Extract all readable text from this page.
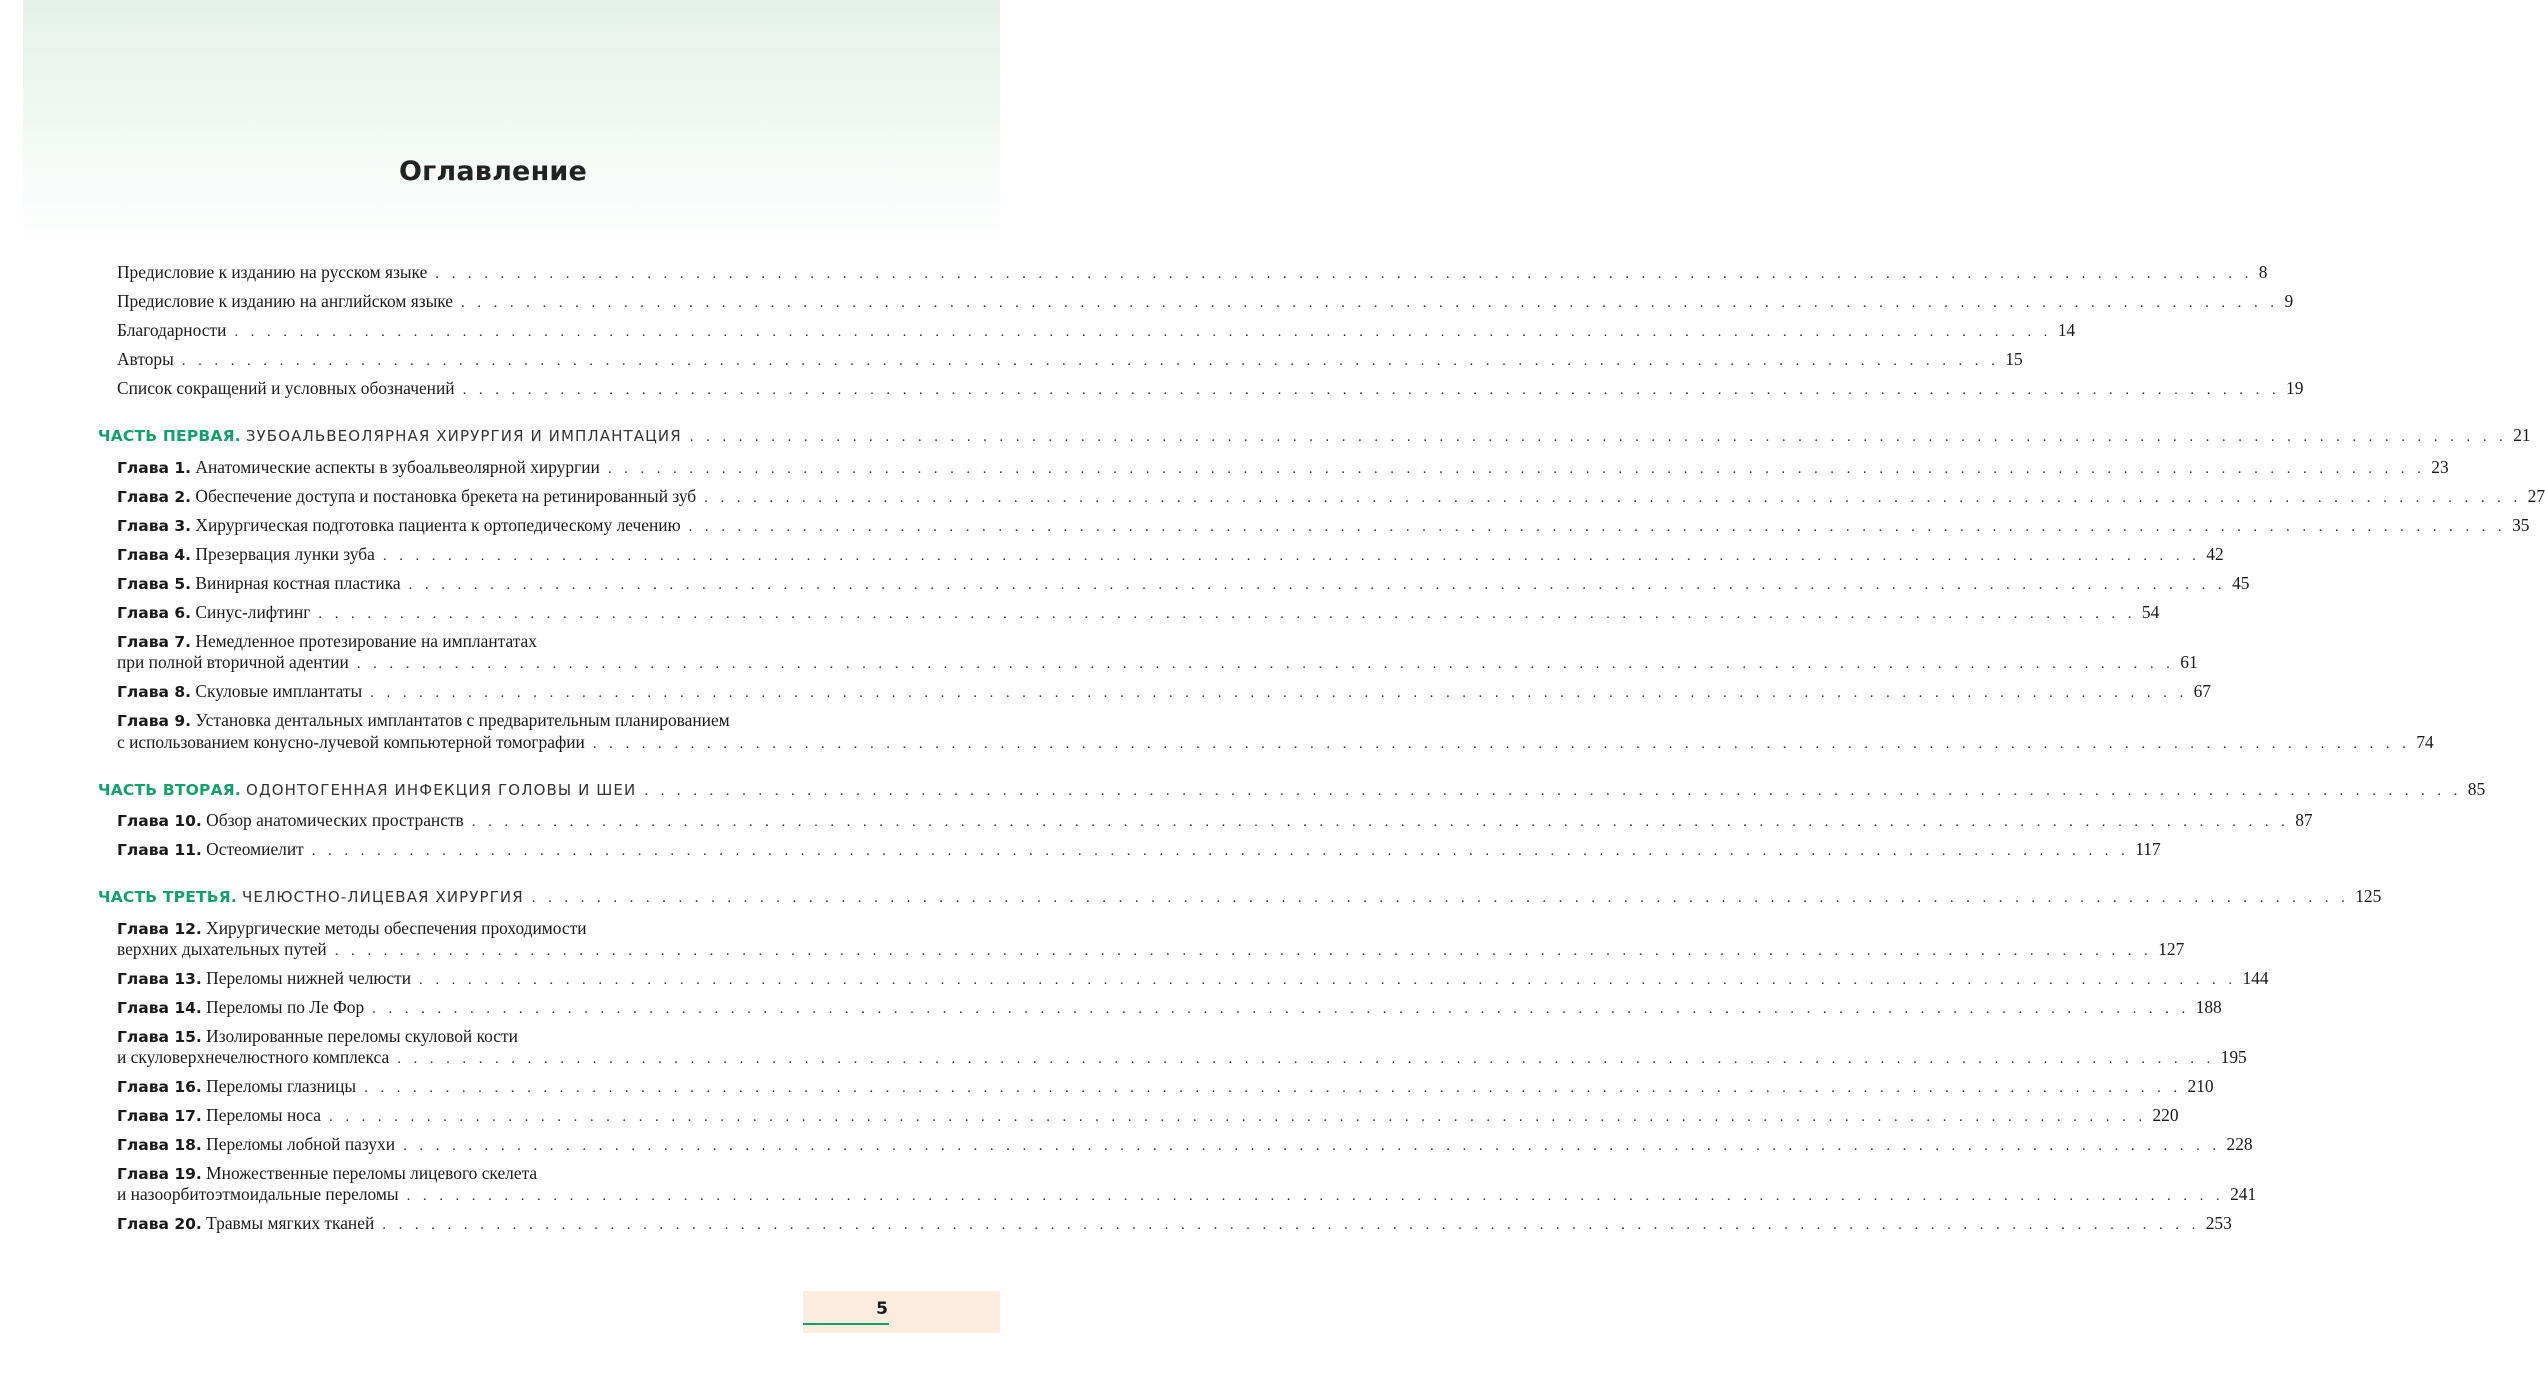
Оглавление
Предисловие к изданию на русском языке . . . . . . . . . . . . . . . . . . . . . . . . . . . . . . . . . . . . . . . . . . . . . . . . . . . . . . . . . . . . . . . . . . . . . . . . . . . . . . . . . . . . . . . . . . . . . . . . . . . . . . . . . . . . . . . . 8
Предисловие к изданию на английском языке . . . . . . . . . . . . . . . . . . . . . . . . . . . . . . . . . . . . . . . . . . . . . . . . . . . . . . . . . . . . . . . . . . . . . . . . . . . . . . . . . . . . . . . . . . . . . . . . . . . . . . . . . . . . . . . . 9
Благодарности . . . . . . . . . . . . . . . . . . . . . . . . . . . . . . . . . . . . . . . . . . . . . . . . . . . . . . . . . . . . . . . . . . . . . . . . . . . . . . . . . . . . . . . . . . . . . . . . . . . . . . . . . . . . . . . . 14
Авторы . . . . . . . . . . . . . . . . . . . . . . . . . . . . . . . . . . . . . . . . . . . . . . . . . . . . . . . . . . . . . . . . . . . . . . . . . . . . . . . . . . . . . . . . . . . . . . . . . . . . . . . . . . . . . . . . 15
Список сокращений и условных обозначений . . . . . . . . . . . . . . . . . . . . . . . . . . . . . . . . . . . . . . . . . . . . . . . . . . . . . . . . . . . . . . . . . . . . . . . . . . . . . . . . . . . . . . . . . . . . . . . . . . . . . . . . . . . . . . . . 19
ЧАСТЬ ПЕРВАЯ. ЗУБОАЛЬВЕОЛЯРНАЯ ХИРУРГИЯ И ИМПЛАНТАЦИЯ . . . . . . . . . . . . . . . . . . . . . . . . . . . . . . . . . . . . . . . . . . . . . . . . . . . . . . . . . . . . . . . . . . . . . . . . . . . . . . . . . . . . . . . . . . . . . . . . . . . . . . . . . . . . . . . . 21
Глава 1. Анатомические аспекты в зубоальвеолярной хирургии . . . . . . . . . . . . . . . . . . . . . . . . . . . . . . . . . . . . . . . . . . . . . . . . . . . . . . . . . . . . . . . . . . . . . . . . . . . . . . . . . . . . . . . . . . . . . . . . . . . . . . . . . . . . . . . . 23
Глава 2. Обеспечение доступа и постановка брекета на ретинированный зуб . . . . . . . . . . . . . . . . . . . . . . . . . . . . . . . . . . . . . . . . . . . . . . . . . . . . . . . . . . . . . . . . . . . . . . . . . . . . . . . . . . . . . . . . . . . . . . . . . . . . . . . . . . . . . . . . 27
Глава 3. Хирургическая подготовка пациента к ортопедическому лечению . . . . . . . . . . . . . . . . . . . . . . . . . . . . . . . . . . . . . . . . . . . . . . . . . . . . . . . . . . . . . . . . . . . . . . . . . . . . . . . . . . . . . . . . . . . . . . . . . . . . . . . . . . . . . . . . 35
Глава 4. Презервация лунки зуба . . . . . . . . . . . . . . . . . . . . . . . . . . . . . . . . . . . . . . . . . . . . . . . . . . . . . . . . . . . . . . . . . . . . . . . . . . . . . . . . . . . . . . . . . . . . . . . . . . . . . . . . . . . . . . . . 42
Глава 5. Винирная костная пластика . . . . . . . . . . . . . . . . . . . . . . . . . . . . . . . . . . . . . . . . . . . . . . . . . . . . . . . . . . . . . . . . . . . . . . . . . . . . . . . . . . . . . . . . . . . . . . . . . . . . . . . . . . . . . . . . 45
Глава 6. Синус-лифтинг . . . . . . . . . . . . . . . . . . . . . . . . . . . . . . . . . . . . . . . . . . . . . . . . . . . . . . . . . . . . . . . . . . . . . . . . . . . . . . . . . . . . . . . . . . . . . . . . . . . . . . . . . . . . . . . . 54
Глава 7. Немедленное протезирование на имплантатах
при полной вторичной адентии . . . . . . . . . . . . . . . . . . . . . . . . . . . . . . . . . . . . . . . . . . . . . . . . . . . . . . . . . . . . . . . . . . . . . . . . . . . . . . . . . . . . . . . . . . . . . . . . . . . . . . . . . . . . . . . . 61
Глава 8. Скуловые имплантаты . . . . . . . . . . . . . . . . . . . . . . . . . . . . . . . . . . . . . . . . . . . . . . . . . . . . . . . . . . . . . . . . . . . . . . . . . . . . . . . . . . . . . . . . . . . . . . . . . . . . . . . . . . . . . . . . 67
Глава 9. Установка дентальных имплантатов с предварительным планированием
с использованием конусно-лучевой компьютерной томографии . . . . . . . . . . . . . . . . . . . . . . . . . . . . . . . . . . . . . . . . . . . . . . . . . . . . . . . . . . . . . . . . . . . . . . . . . . . . . . . . . . . . . . . . . . . . . . . . . . . . . . . . . . . . . . . . 74
ЧАСТЬ ВТОРАЯ. ОДОНТОГЕННАЯ ИНФЕКЦИЯ ГОЛОВЫ И ШЕИ . . . . . . . . . . . . . . . . . . . . . . . . . . . . . . . . . . . . . . . . . . . . . . . . . . . . . . . . . . . . . . . . . . . . . . . . . . . . . . . . . . . . . . . . . . . . . . . . . . . . . . . . . . . . . . . . 85
Глава 10. Обзор анатомических пространств . . . . . . . . . . . . . . . . . . . . . . . . . . . . . . . . . . . . . . . . . . . . . . . . . . . . . . . . . . . . . . . . . . . . . . . . . . . . . . . . . . . . . . . . . . . . . . . . . . . . . . . . . . . . . . . . 87
Глава 11. Остеомиелит . . . . . . . . . . . . . . . . . . . . . . . . . . . . . . . . . . . . . . . . . . . . . . . . . . . . . . . . . . . . . . . . . . . . . . . . . . . . . . . . . . . . . . . . . . . . . . . . . . . . . . . . . . . . . . . . 117
ЧАСТЬ ТРЕТЬЯ. ЧЕЛЮСТНО-ЛИЦЕВАЯ ХИРУРГИЯ . . . . . . . . . . . . . . . . . . . . . . . . . . . . . . . . . . . . . . . . . . . . . . . . . . . . . . . . . . . . . . . . . . . . . . . . . . . . . . . . . . . . . . . . . . . . . . . . . . . . . . . . . . . . . . . . 125
Глава 12. Хирургические методы обеспечения проходимости
верхних дыхательных путей . . . . . . . . . . . . . . . . . . . . . . . . . . . . . . . . . . . . . . . . . . . . . . . . . . . . . . . . . . . . . . . . . . . . . . . . . . . . . . . . . . . . . . . . . . . . . . . . . . . . . . . . . . . . . . . . 127
Глава 13. Переломы нижней челюсти . . . . . . . . . . . . . . . . . . . . . . . . . . . . . . . . . . . . . . . . . . . . . . . . . . . . . . . . . . . . . . . . . . . . . . . . . . . . . . . . . . . . . . . . . . . . . . . . . . . . . . . . . . . . . . . . 144
Глава 14. Переломы по Ле Фор . . . . . . . . . . . . . . . . . . . . . . . . . . . . . . . . . . . . . . . . . . . . . . . . . . . . . . . . . . . . . . . . . . . . . . . . . . . . . . . . . . . . . . . . . . . . . . . . . . . . . . . . . . . . . . . . 188
Глава 15. Изолированные переломы скуловой кости
и скуловерхнечелюстного комплекса . . . . . . . . . . . . . . . . . . . . . . . . . . . . . . . . . . . . . . . . . . . . . . . . . . . . . . . . . . . . . . . . . . . . . . . . . . . . . . . . . . . . . . . . . . . . . . . . . . . . . . . . . . . . . . . . 195
Глава 16. Переломы глазницы . . . . . . . . . . . . . . . . . . . . . . . . . . . . . . . . . . . . . . . . . . . . . . . . . . . . . . . . . . . . . . . . . . . . . . . . . . . . . . . . . . . . . . . . . . . . . . . . . . . . . . . . . . . . . . . . 210
Глава 17. Переломы носа . . . . . . . . . . . . . . . . . . . . . . . . . . . . . . . . . . . . . . . . . . . . . . . . . . . . . . . . . . . . . . . . . . . . . . . . . . . . . . . . . . . . . . . . . . . . . . . . . . . . . . . . . . . . . . . . 220
Глава 18. Переломы лобной пазухи . . . . . . . . . . . . . . . . . . . . . . . . . . . . . . . . . . . . . . . . . . . . . . . . . . . . . . . . . . . . . . . . . . . . . . . . . . . . . . . . . . . . . . . . . . . . . . . . . . . . . . . . . . . . . . . . 228
Глава 19. Множественные переломы лицевого скелета
и назоорбитоэтмоидальные переломы . . . . . . . . . . . . . . . . . . . . . . . . . . . . . . . . . . . . . . . . . . . . . . . . . . . . . . . . . . . . . . . . . . . . . . . . . . . . . . . . . . . . . . . . . . . . . . . . . . . . . . . . . . . . . . . . 241
Глава 20. Травмы мягких тканей . . . . . . . . . . . . . . . . . . . . . . . . . . . . . . . . . . . . . . . . . . . . . . . . . . . . . . . . . . . . . . . . . . . . . . . . . . . . . . . . . . . . . . . . . . . . . . . . . . . . . . . . . . . . . . . . 253
5
